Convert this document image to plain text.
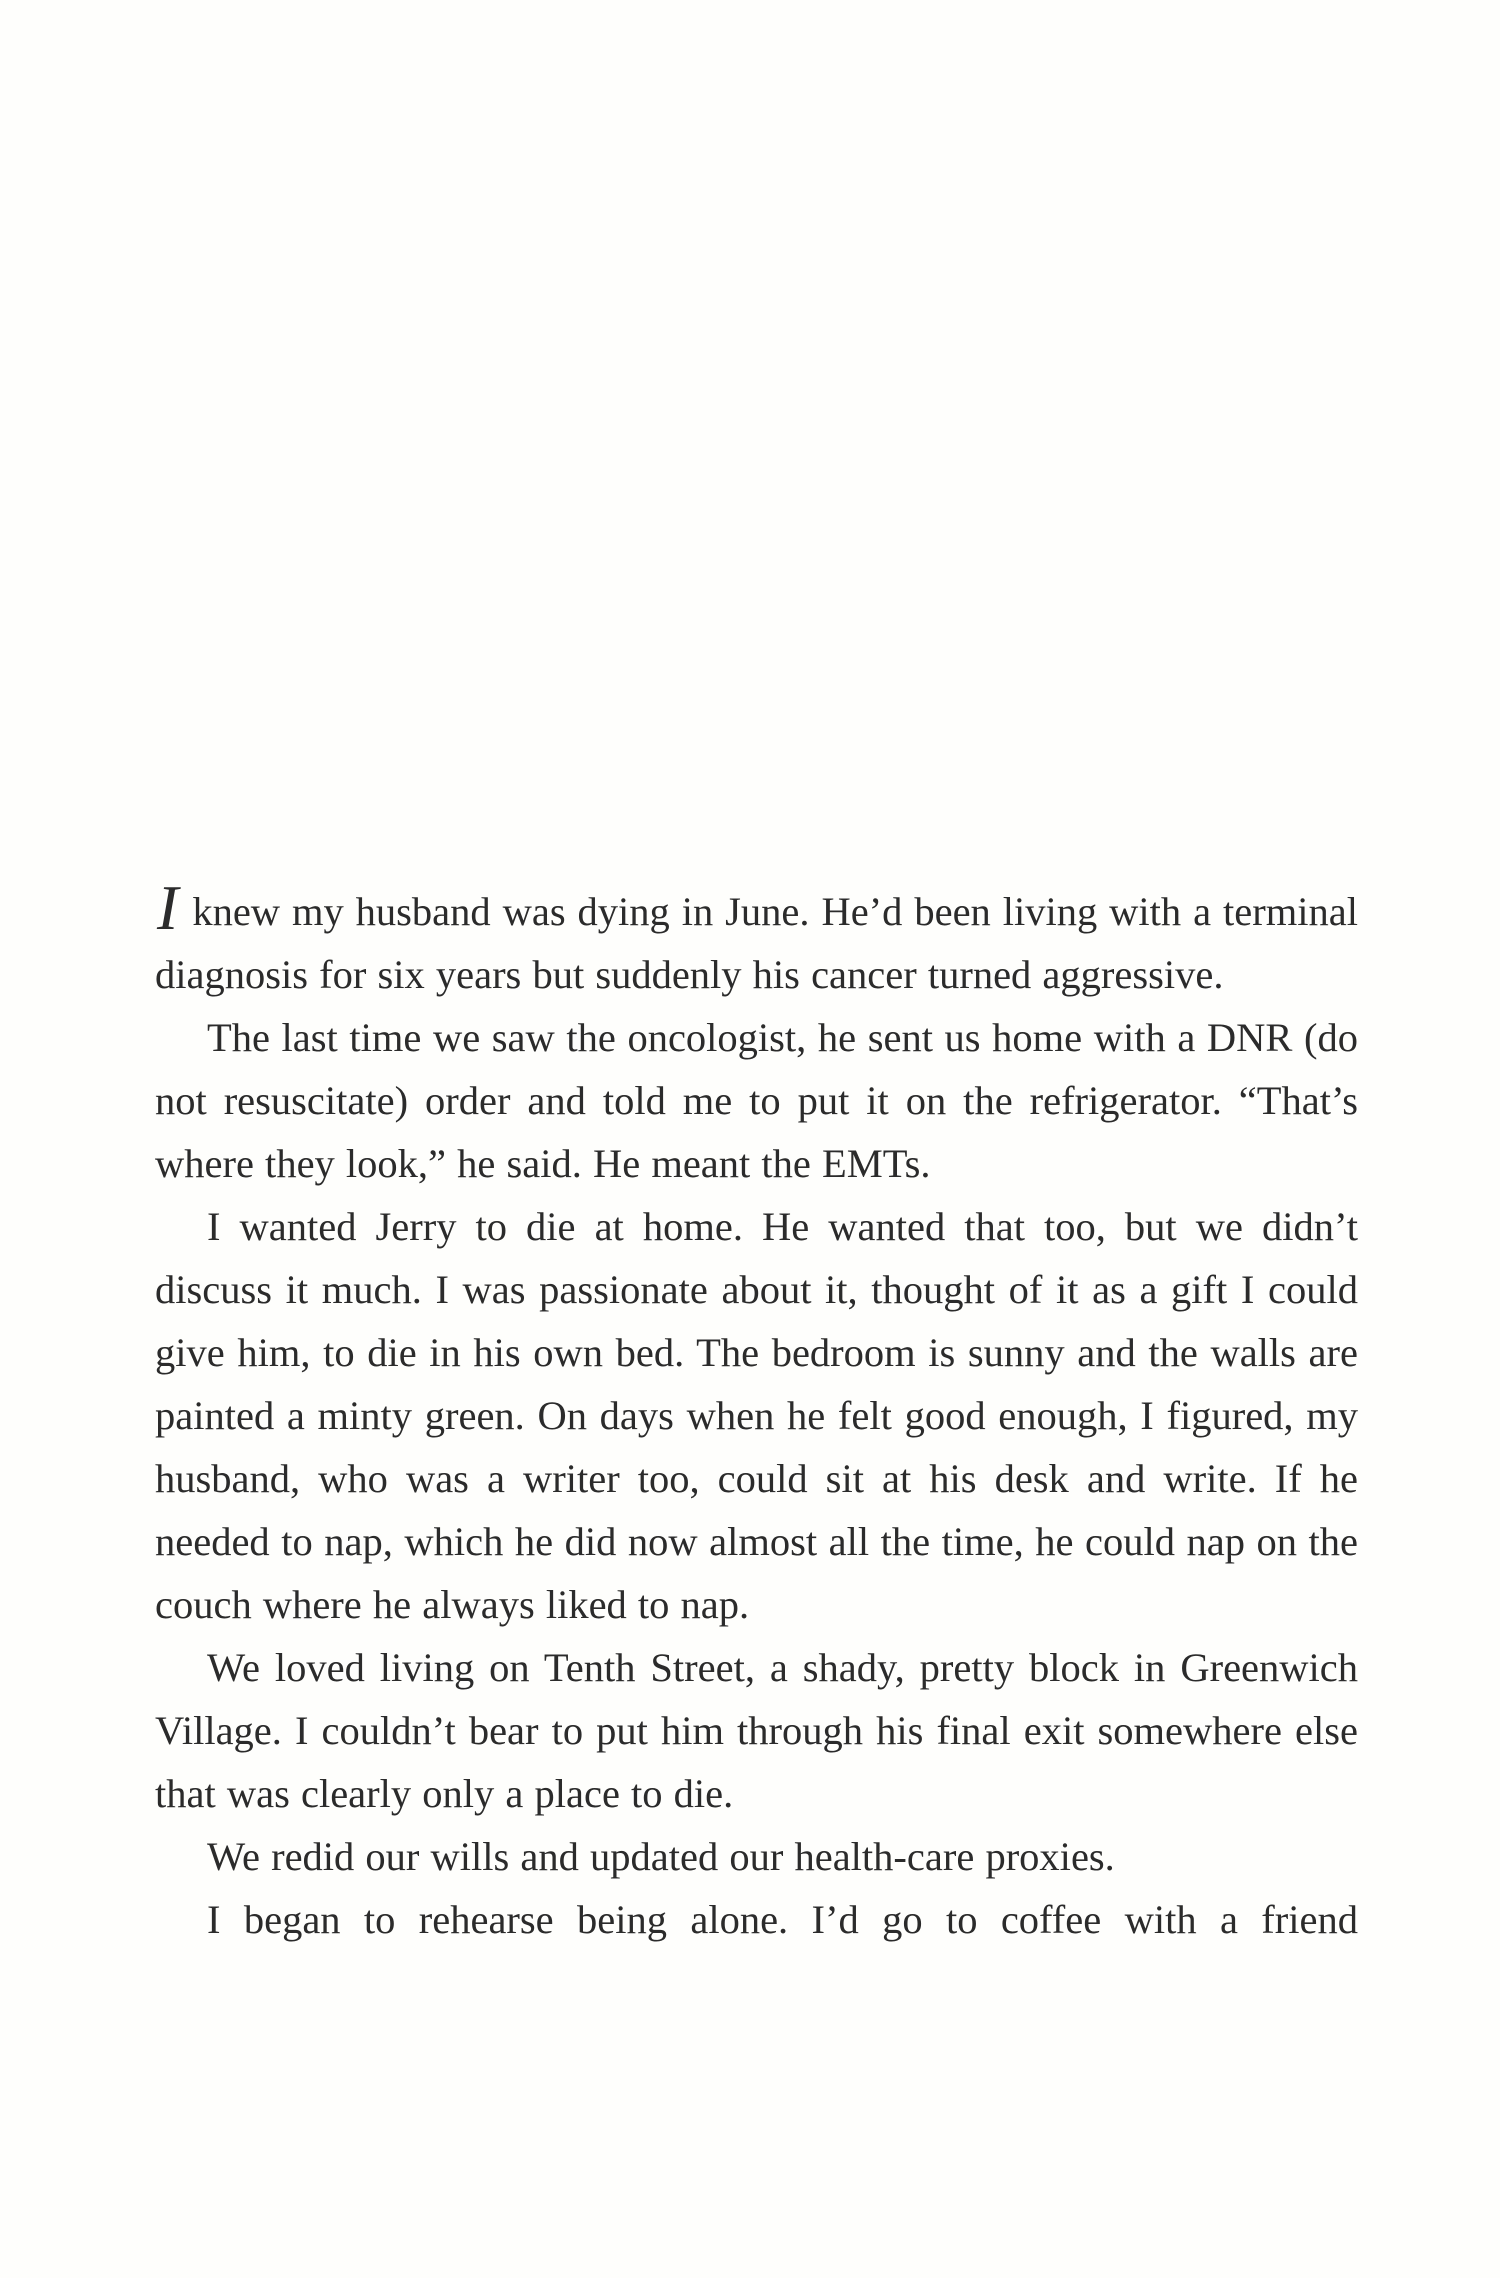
Iknew my husband was dying in June. He’d been living with a terminal diagnosis for six years but suddenly his cancer turned aggressive.

The last time we saw the oncologist, he sent us home with a DNR (do not resuscitate) order and told me to put it on the refrigerator. “That’s where they look,” he said. He meant the EMTs.

I wanted Jerry to die at home. He wanted that too, but we didn’t discuss it much. I was passionate about it, thought of it as a gift I could give him, to die in his own bed. The bedroom is sunny and the walls are painted a minty green. On days when he felt good enough, I figured, my husband, who was a writer too, could sit at his desk and write. If he needed to nap, which he did now almost all the time, he could nap on the couch where he always liked to nap.

We loved living on Tenth Street, a shady, pretty block in Greenwich Village. I couldn’t bear to put him through his final exit somewhere else that was clearly only a place to die.

We redid our wills and updated our health-care proxies.

I began to rehearse being alone. I’d go to coffee with a friend
